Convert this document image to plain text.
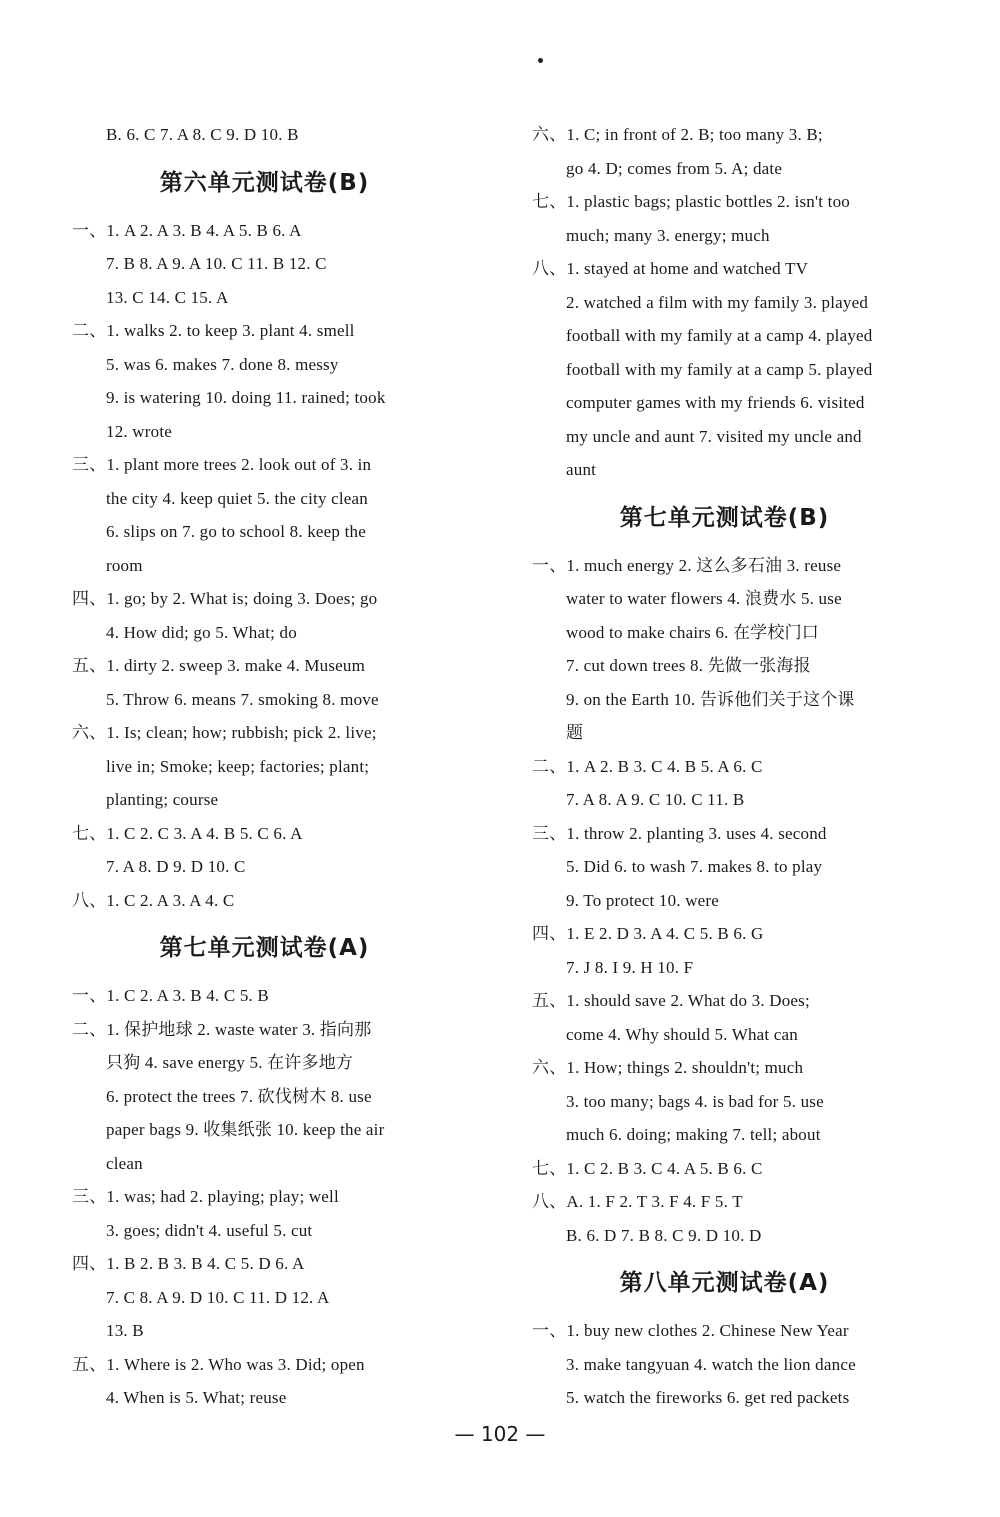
B. 6. C 7. A 8. C 9. D 10. B
第六单元测试卷(B)
一、1. A 2. A 3. B 4. A 5. B 6. A
7. B 8. A 9. A 10. C 11. B 12. C
13. C 14. C 15. A
二、1. walks 2. to keep 3. plant 4. smell
5. was 6. makes 7. done 8. messy
9. is watering 10. doing 11. rained; took
12. wrote
三、1. plant more trees 2. look out of 3. in
the city 4. keep quiet 5. the city clean
6. slips on 7. go to school 8. keep the
room
四、1. go; by 2. What is; doing 3. Does; go
4. How did; go 5. What; do
五、1. dirty 2. sweep 3. make 4. Museum
5. Throw 6. means 7. smoking 8. move
六、1. Is; clean; how; rubbish; pick 2. live;
live in; Smoke; keep; factories; plant;
planting; course
七、1. C 2. C 3. A 4. B 5. C 6. A
7. A 8. D 9. D 10. C
八、1. C 2. A 3. A 4. C
第七单元测试卷(A)
一、1. C 2. A 3. B 4. C 5. B
二、1. 保护地球 2. waste water 3. 指向那
只狗 4. save energy 5. 在许多地方
6. protect the trees 7. 砍伐树木 8. use
paper bags 9. 收集纸张 10. keep the air
clean
三、1. was; had 2. playing; play; well
3. goes; didn't 4. useful 5. cut
四、1. B 2. B 3. B 4. C 5. D 6. A
7. C 8. A 9. D 10. C 11. D 12. A
13. B
五、1. Where is 2. Who was 3. Did; open
4. When is 5. What; reuse
六、1. C; in front of 2. B; too many 3. B;
go 4. D; comes from 5. A; date
七、1. plastic bags; plastic bottles 2. isn't too
much; many 3. energy; much
八、1. stayed at home and watched TV
2. watched a film with my family 3. played
football with my family at a camp 4. played
football with my family at a camp 5. played
computer games with my friends 6. visited
my uncle and aunt 7. visited my uncle and
aunt
第七单元测试卷(B)
一、1. much energy 2. 这么多石油 3. reuse
water to water flowers 4. 浪费水 5. use
wood to make chairs 6. 在学校门口
7. cut down trees 8. 先做一张海报
9. on the Earth 10. 告诉他们关于这个课
题
二、1. A 2. B 3. C 4. B 5. A 6. C
7. A 8. A 9. C 10. C 11. B
三、1. throw 2. planting 3. uses 4. second
5. Did 6. to wash 7. makes 8. to play
9. To protect 10. were
四、1. E 2. D 3. A 4. C 5. B 6. G
7. J 8. I 9. H 10. F
五、1. should save 2. What do 3. Does;
come 4. Why should 5. What can
六、1. How; things 2. shouldn't; much
3. too many; bags 4. is bad for 5. use
much 6. doing; making 7. tell; about
七、1. C 2. B 3. C 4. A 5. B 6. C
八、A. 1. F 2. T 3. F 4. F 5. T
B. 6. D 7. B 8. C 9. D 10. D
第八单元测试卷(A)
一、1. buy new clothes 2. Chinese New Year
3. make tangyuan 4. watch the lion dance
5. watch the fireworks 6. get red packets
— 102 —
